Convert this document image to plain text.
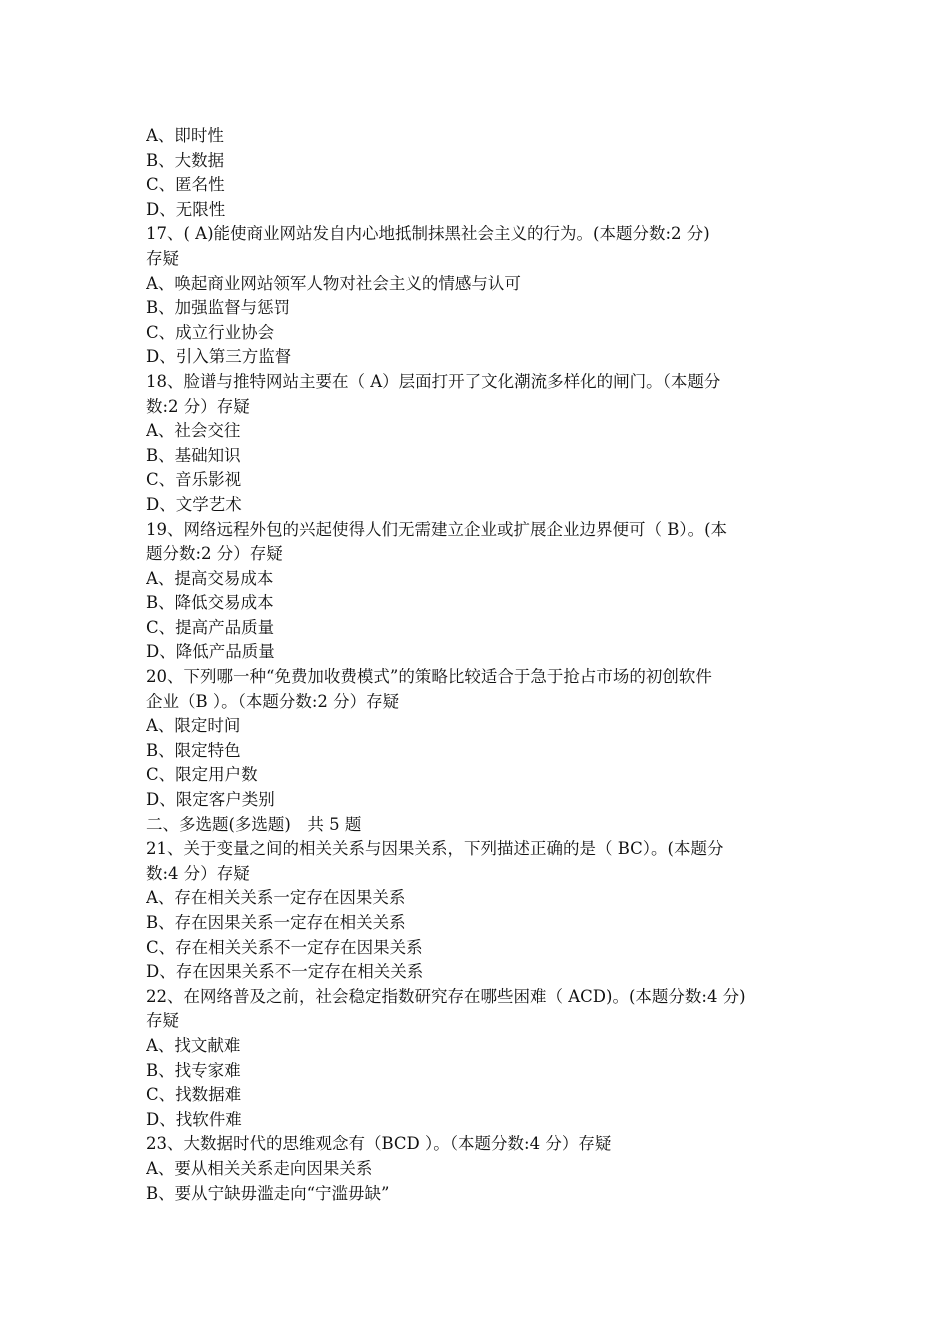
A、即时性
B、大数据
C、匿名性
D、无限性
17、( A)能使商业网站发自内心地抵制抹黑社会主义的行为。(本题分数:2 分)
存疑
A、唤起商业网站领军人物对社会主义的情感与认可
B、加强监督与惩罚
C、成立行业协会
D、引入第三方监督
18、脸谱与推特网站主要在（ A）层面打开了文化潮流多样化的闸门。（本题分
数:2 分）存疑
A、社会交往
B、基础知识
C、音乐影视
D、文学艺术
19、网络远程外包的兴起使得人们无需建立企业或扩展企业边界便可（ B）。(本
题分数:2 分）存疑
A、提高交易成本
B、降低交易成本
C、提高产品质量
D、降低产品质量
20、下列哪一种“免费加收费模式”的策略比较适合于急于抢占市场的初创软件
企业（B ）。（本题分数:2 分）存疑
A、限定时间
B、限定特色
C、限定用户数
D、限定客户类别
二、多选题(多选题)　共 5 题
21、关于变量之间的相关关系与因果关系，下列描述正确的是（ BC）。(本题分
数:4 分）存疑
A、存在相关关系一定存在因果关系
B、存在因果关系一定存在相关关系
C、存在相关关系不一定存在因果关系
D、存在因果关系不一定存在相关关系
22、在网络普及之前，社会稳定指数研究存在哪些困难（ ACD)。(本题分数:4 分)
存疑
A、找文献难
B、找专家难
C、找数据难
D、找软件难
23、大数据时代的思维观念有（BCD ）。（本题分数:4 分）存疑
A、要从相关关系走向因果关系
B、要从宁缺毋滥走向“宁滥毋缺”
